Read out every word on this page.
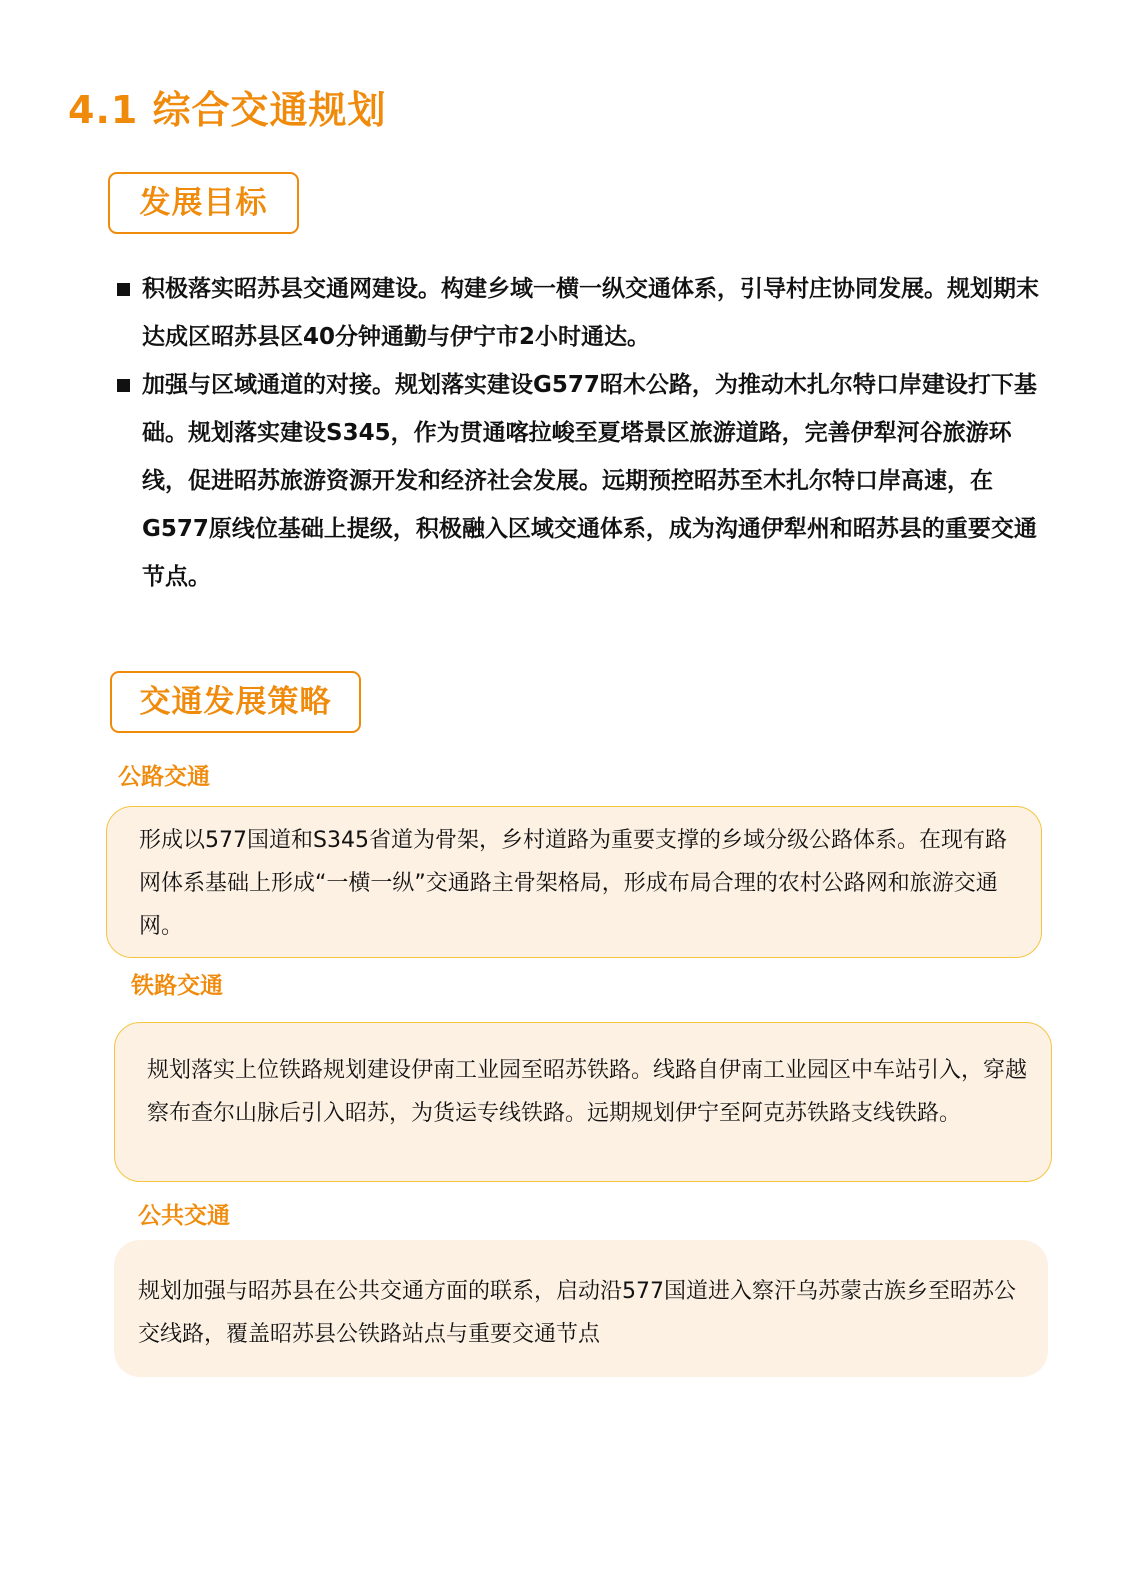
4.1 综合交通规划
发展目标
积极落实昭苏县交通网建设。构建乡域一横一纵交通体系，引导村庄协同发展。规划期末达成区昭苏县区40分钟通勤与伊宁市2小时通达。
加强与区域通道的对接。规划落实建设G577昭木公路，为推动木扎尔特口岸建设打下基础。规划落实建设S345，作为贯通喀拉峻至夏塔景区旅游道路，完善伊犁河谷旅游环线，促进昭苏旅游资源开发和经济社会发展。远期预控昭苏至木扎尔特口岸高速，在G577原线位基础上提级，积极融入区域交通体系，成为沟通伊犁州和昭苏县的重要交通节点。
交通发展策略
公路交通

形成以577国道和S345省道为骨架，乡村道路为重要支撑的乡域分级公路体系。在现有路网体系基础上形成“一横一纵”交通路主骨架格局，形成布局合理的农村公路网和旅游交通网。

铁路交通

规划落实上位铁路规划建设伊南工业园至昭苏铁路。线路自伊南工业园区中车站引入，穿越察布查尔山脉后引入昭苏，为货运专线铁路。远期规划伊宁至阿克苏铁路支线铁路。

公共交通

规划加强与昭苏县在公共交通方面的联系，启动沿577国道进入察汗乌苏蒙古族乡至昭苏公交线路，覆盖昭苏县公铁路站点与重要交通节点
